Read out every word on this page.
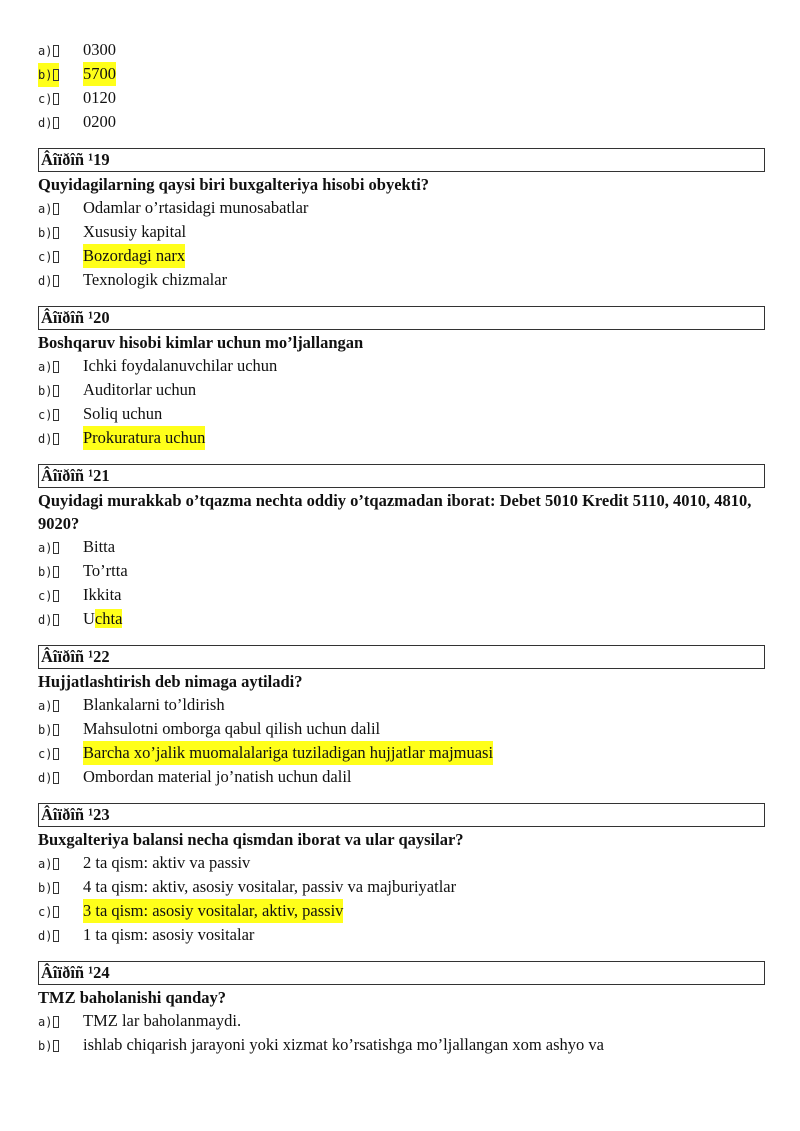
a)	0300
b)	5700
c)	0120
d)	0200
Âîïðîñ ¹19
Quyidagilarning qaysi biri buxgalteriya hisobi obyekti?
a)	Odamlar o’rtasidagi munosabatlar
b)	Xususiy kapital
c)	Bozordagi narx
d)	Texnologik chizmalar
Âîïðîñ ¹20
Boshqaruv hisobi kimlar uchun mo’ljallangan
a)	Ichki foydalanuvchilar uchun
b)	Auditorlar uchun
c)	Soliq uchun
d)	Prokuratura uchun
Âîïðîñ ¹21
Quyidagi murakkab o’tqazma nechta oddiy o’tqazmadan iborat: Debet 5010 Kredit 5110, 4010, 4810, 9020?
a)	Bitta
b)	To’rtta
c)	Ikkita
d)	Uchta
Âîïðîñ ¹22
Hujjatlashtirish deb nimaga aytiladi?
a)	Blankalarni to’ldirish
b)	Mahsulotni omborga qabul qilish uchun dalil
c)	Barcha xo’jalik muomalalariga tuziladigan hujjatlar majmuasi
d)	Ombordan material jo’natish uchun dalil
Âîïðîñ ¹23
Buxgalteriya balansi necha qismdan iborat va ular qaysilar?
a)	2 ta qism: aktiv va passiv
b)	4 ta qism: aktiv, asosiy vositalar, passiv va majburiyatlar
c)	3 ta qism: asosiy vositalar, aktiv, passiv
d)	1 ta qism: asosiy vositalar
Âîïðîñ ¹24
TMZ baholanishi qanday?
a)	TMZ lar baholanmaydi.
b)	ishlab chiqarish jarayoni yoki xizmat ko’rsatishga mo’ljallangan xom ashyo va
